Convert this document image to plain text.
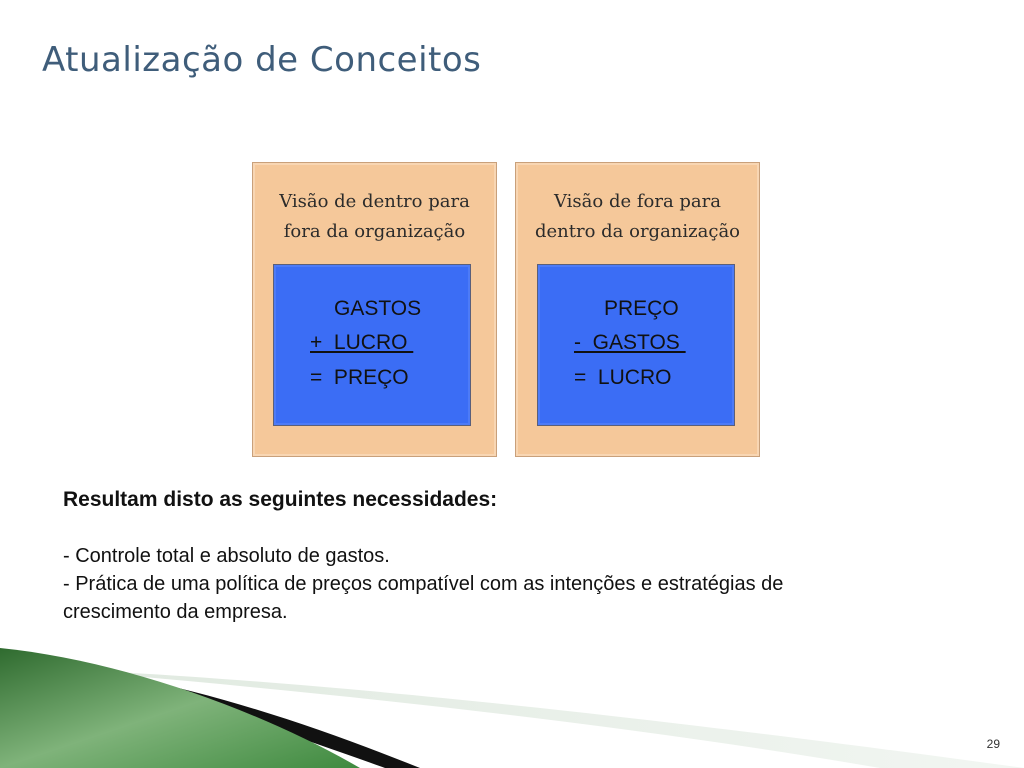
Atualização de Conceitos
Visão de dentro para
fora da organização
GASTOS
+  LUCRO
=  PREÇO
Visão de fora para
dentro da organização
PREÇO
-  GASTOS
=  LUCRO
Resultam disto as seguintes necessidades:
- Controle total e absoluto de gastos.
- Prática de uma política de preços compatível com as intenções e estratégias de crescimento da empresa.
29
